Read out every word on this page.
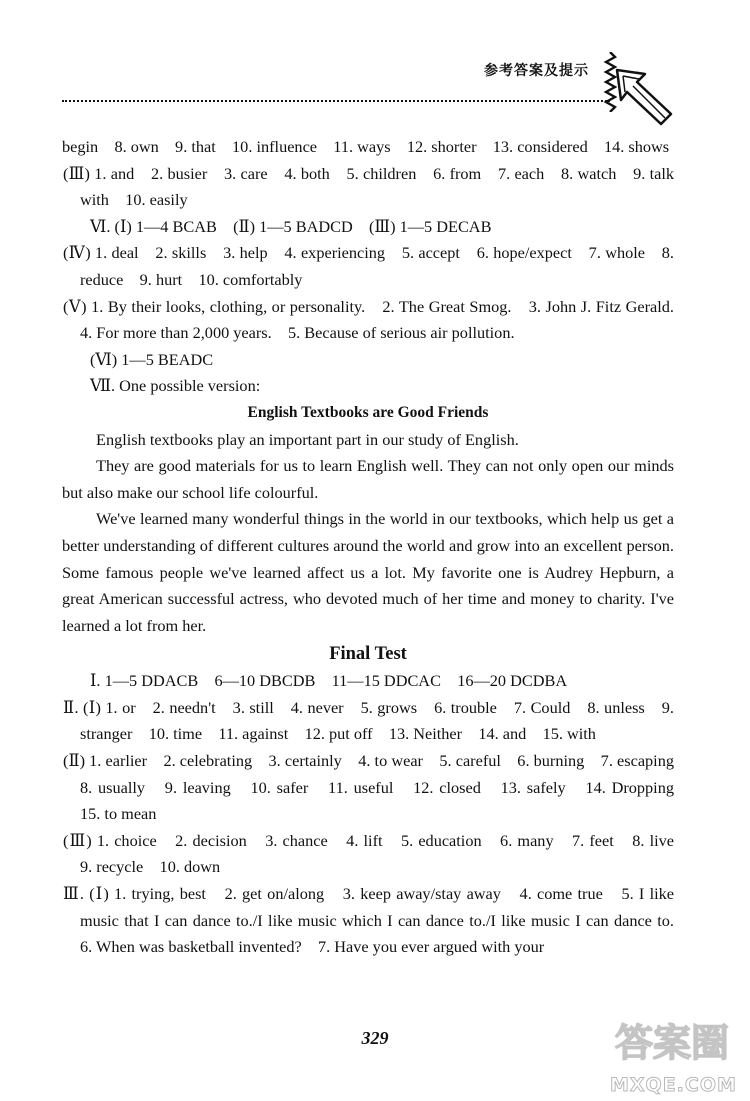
参考答案及提示

begin　8. own　9. that　10. influence　11. ways　12. shorter　13. considered　14. shows

(Ⅲ) 1. and　2. busier　3. care　4. both　5. children　6. from　7. each　8. watch　9. talk with　10. easily

Ⅵ. (Ⅰ) 1—4 BCAB　(Ⅱ) 1—5 BADCD　(Ⅲ) 1—5 DECAB

(Ⅳ) 1. deal　2. skills　3. help　4. experiencing　5. accept　6. hope/expect　7. whole　8. reduce　9. hurt　10. comfortably

(Ⅴ) 1. By their looks, clothing, or personality.　2. The Great Smog.　3. John J. Fitz Gerald.　4. For more than 2,000 years.　5. Because of serious air pollution.

(Ⅵ) 1—5 BEADC

Ⅶ. One possible version:

English Textbooks are Good Friends

English textbooks play an important part in our study of English.

They are good materials for us to learn English well. They can not only open our minds but also make our school life colourful.

We've learned many wonderful things in the world in our textbooks, which help us get a better understanding of different cultures around the world and grow into an excellent person. Some famous people we've learned affect us a lot. My favorite one is Audrey Hepburn, a great American successful actress, who devoted much of her time and money to charity. I've learned a lot from her.

Final Test

Ⅰ. 1—5 DDACB　6—10 DBCDB　11—15 DDCAC　16—20 DCDBA

Ⅱ. (Ⅰ) 1. or　2. needn't　3. still　4. never　5. grows　6. trouble　7. Could　8. unless　9. stranger　10. time　11. against　12. put off　13. Neither　14. and　15. with

(Ⅱ) 1. earlier　2. celebrating　3. certainly　4. to wear　5. careful　6. burning　7. escaping　8. usually　9. leaving　10. safer　11. useful　12. closed　13. safely　14. Dropping　15. to mean

(Ⅲ) 1. choice　2. decision　3. chance　4. lift　5. education　6. many　7. feet　8. live　9. recycle　10. down

Ⅲ. (Ⅰ) 1. trying, best　2. get on/along　3. keep away/stay away　4. come true　5. I like music that I can dance to./I like music which I can dance to./I like music I can dance to.　6. When was basketball invented?　7. Have you ever argued with your

329	答案圈
MXQE.COM
